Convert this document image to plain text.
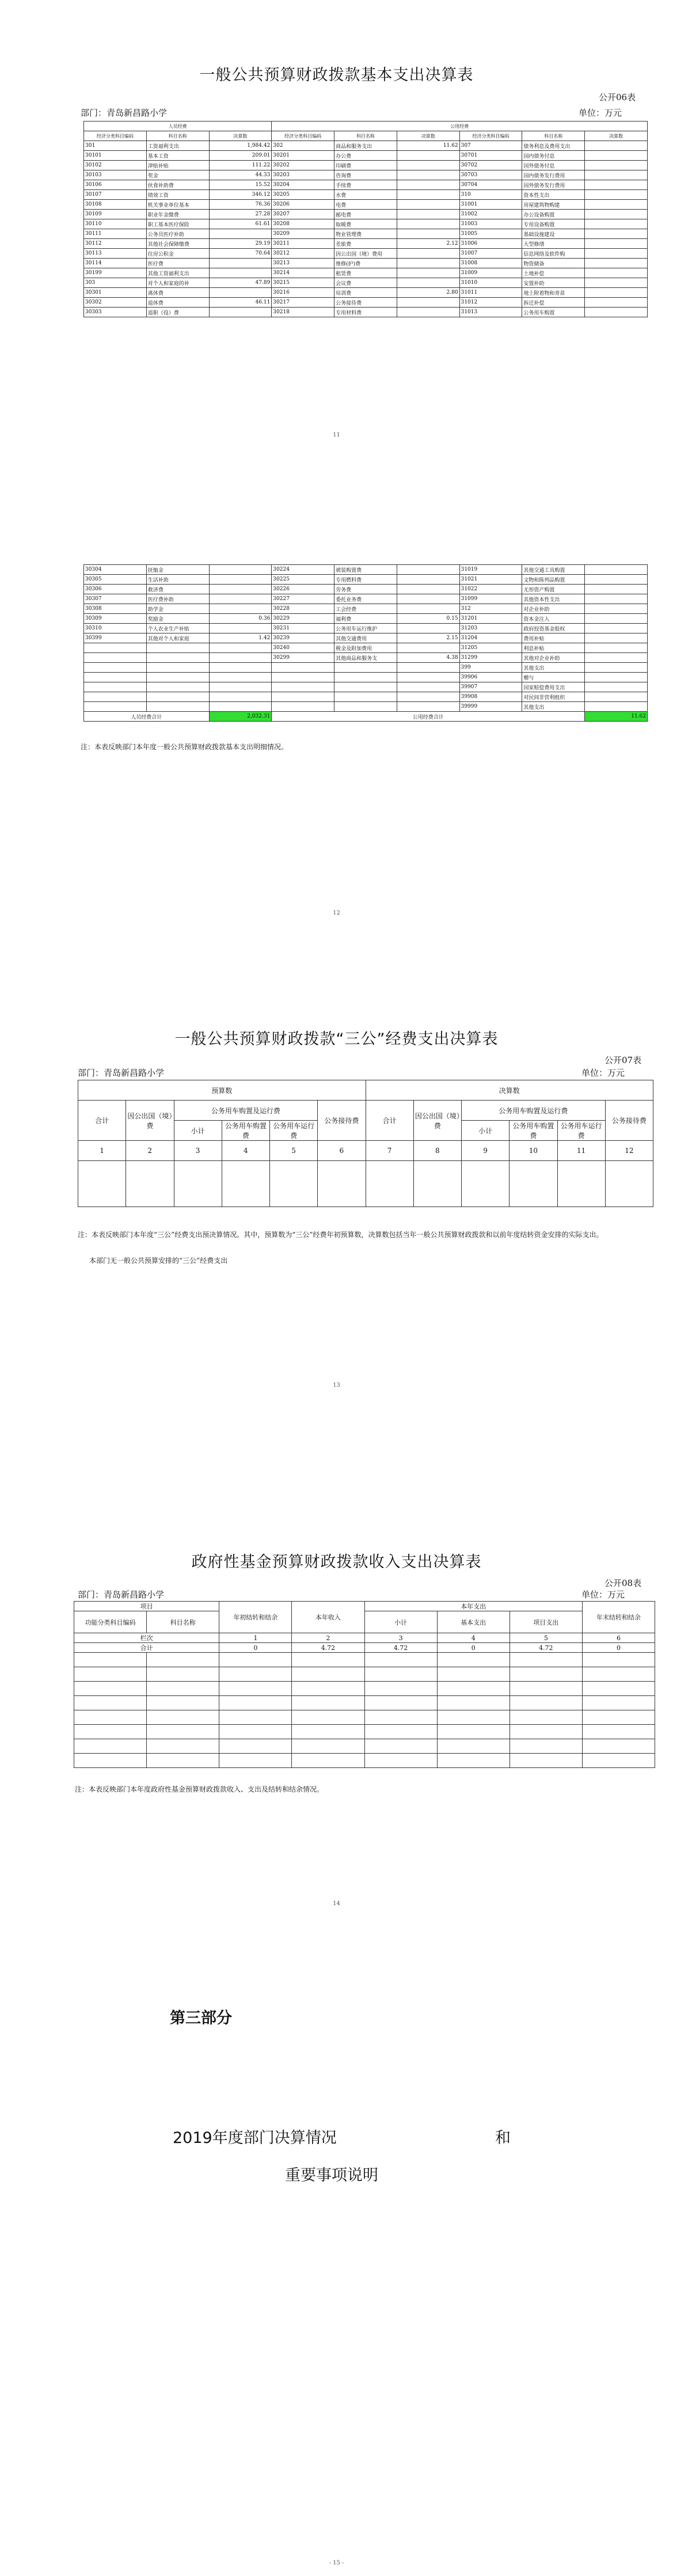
一般公共预算财政拨款基本支出决算表
公开06表
部门：青岛新昌路小学	单位：万元
人员经费			公用经费					
经济分类科目编码	科目名称	决算数	经济分类科目编码	科目名称	决算数	经济分类科目编码	科目名称	决算数
301	工资福利支出	1,984.42	302	商品和服务支出	11.62	307	债务利息及费用支出	
30101	基本工资	209.01	30201	办公费		30701	国内债务付息	
30102	津贴补贴	111.22	30202	印刷费		30702	国外债务付息	
30103	奖金	44.33	30203	咨询费		30703	国内债务发行费用	
30106	伙食补助费	15.52	30204	手续费		30704	国外债务发行费用	
30107	绩效工资	346.12	30205	水费		310	资本性支出	
30108	机关事业单位基本	76.36	30206	电费		31001	房屋建筑物购建	
30109	职业年金缴费	27.28	30207	邮电费		31002	办公设备购置	
30110	职工基本医疗保险	61.61	30208	取暖费		31003	专用设备购置	
30111	公务员医疗补助		30209	物业管理费		31005	基础设施建设	
30112	其他社会保障缴费	29.19	30211	差旅费	2.12	31006	大型修缮	
30113	住房公积金	70.64	30212	因公出国（境）费用		31007	信息网络及软件购	
30114	医疗费		30213	维修(护)费		31008	物资储备	
30199	其他工资福利支出		30214	租赁费		31009	土地补偿	
303	对个人和家庭的补	47.89	30215	会议费		31010	安置补助	
30301	离休费		30216	培训费	2.80	31011	地上附着物和青苗	
30302	退休费	46.11	30217	公务接待费		31012	拆迁补偿	
30303	退职（役）费		30218	专用材料费		31013	公务用车购置	
11
30304	抚恤金		30224	被装购置费		31019	其他交通工具购置	
30305	生活补助		30225	专用燃料费		31021	文物和陈列品购置	
30306	救济费		30226	劳务费		31022	无形资产购置	
30307	医疗费补助		30227	委托业务费		31099	其他资本性支出	
30308	助学金		30228	工会经费		312	对企业补助	
30309	奖励金	0.36	30229	福利费	0.15	31201	资本金注入	
30310	个人农业生产补贴		30231	公务用车运行维护		31203	政府投资基金股权	
30399	其他对个人和家庭	1.42	30239	其他交通费用	2.15	31204	费用补贴	
			30240	税金及附加费用		31205	利息补贴	
			30299	其他商品和服务支	4.38	31299	其他对企业补助	
						399	其他支出	
						39906	赠与	
						39907	国家赔偿费用支出	
						39908	对民间非营利组织	
						39999	其他支出	
人员经费合计		2,032.31	公用经费合计					11.62
注：本表反映部门本年度一般公共预算财政拨款基本支出明细情况。
12
一般公共预算财政拨款“三公”经费支出决算表
公开07表
部门：青岛新昌路小学	单位：万元
预算数						决算数					
合计	因公出国（境）费	公务用车购置及运行费			公务接待费	合计	因公出国（境）费	公务用车购置及运行费			公务接待费
		小计	公务用车购置费	公务用车运行费				小计	公务用车购置费	公务用车运行费	
1	2	3	4	5	6	7	8	9	10	11	12

注：本表反映部门本年度“三公”经费支出预决算情况。其中，预算数为“三公”经费年初预算数，决算数包括当年一般公共预算财政拨款和以前年度结转资金安排的实际支出。
本部门无一般公共预算安排的“三公”经费支出
13
政府性基金预算财政拨款收入支出决算表
公开08表
部门：青岛新昌路小学	单位：万元
项目		年初结转和结余	本年收入	本年支出			年末结转和结余
功能分类科目编码	科目名称			小计	基本支出	项目支出	
栏次		1	2	3	4	5	6
合计		0	4.72	4.72	0	4.72	0

注：本表反映部门本年度政府性基金预算财政拨款收入、支出及结转和结余情况。
14
第三部分
2019年度部门决算情况	和
重要事项说明
- 15 -
